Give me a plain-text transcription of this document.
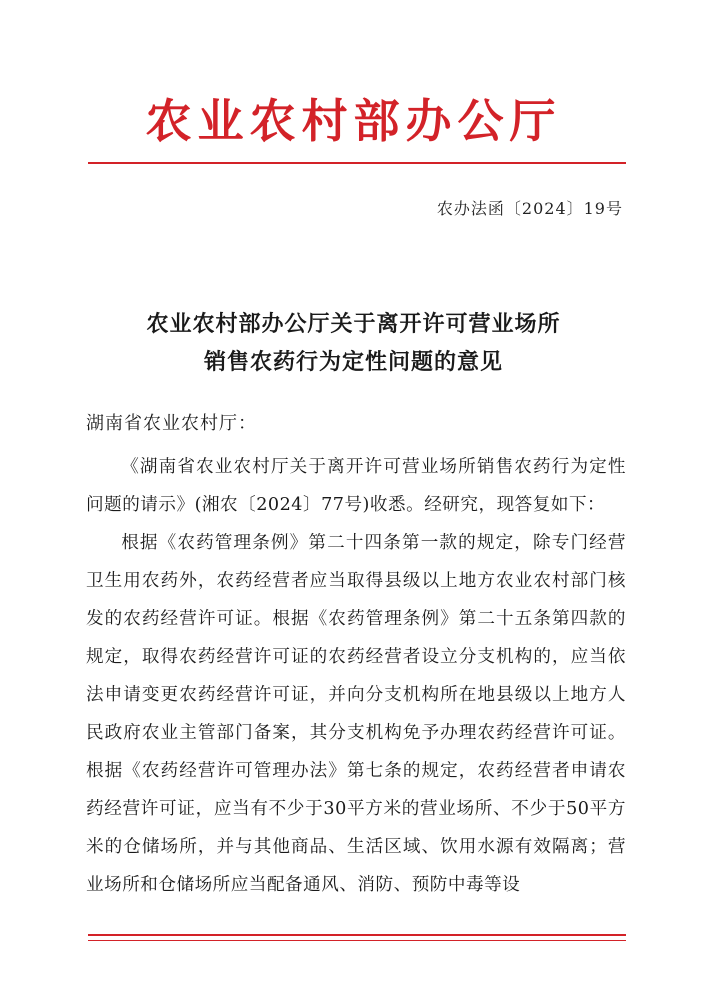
农业农村部办公厅
农办法函〔2024〕19号
农业农村部办公厅关于离开许可营业场所
销售农药行为定性问题的意见
湖南省农业农村厅：

《湖南省农业农村厅关于离开许可营业场所销售农药行为定性问题的请示》(湘农〔2024〕77号)收悉。经研究，现答复如下：

根据《农药管理条例》第二十四条第一款的规定，除专门经营卫生用农药外，农药经营者应当取得县级以上地方农业农村部门核发的农药经营许可证。根据《农药管理条例》第二十五条第四款的规定，取得农药经营许可证的农药经营者设立分支机构的，应当依法申请变更农药经营许可证，并向分支机构所在地县级以上地方人民政府农业主管部门备案，其分支机构免予办理农药经营许可证。根据《农药经营许可管理办法》第七条的规定，农药经营者申请农药经营许可证，应当有不少于30平方米的营业场所、不少于50平方米的仓储场所，并与其他商品、生活区域、饮用水源有效隔离；营业场所和仓储场所应当配备通风、消防、预防中毒等设
